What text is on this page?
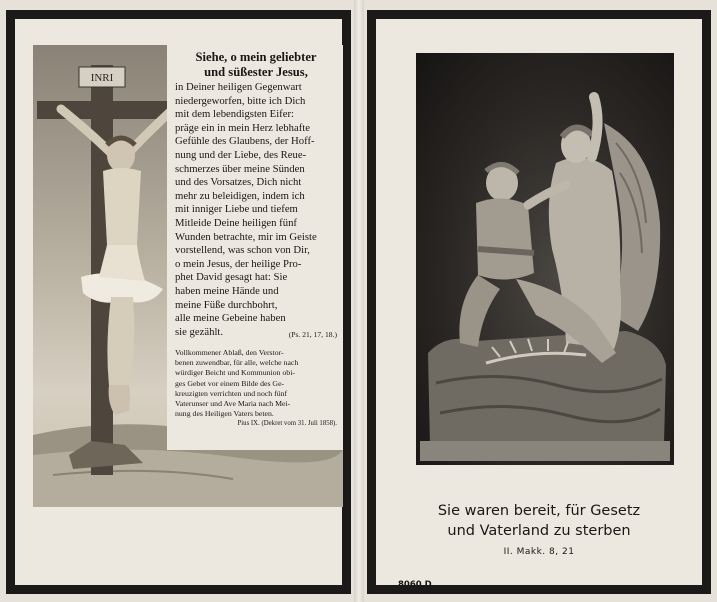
INRI
Siehe, o mein geliebter
und süßester Jesus,
in Deiner heiligen Gegenwart
niedergeworfen, bitte ich Dich
mit dem lebendigsten Eifer:
präge ein in mein Herz lebhafte
Gefühle des Glaubens, der Hoff-
nung und der Liebe, des Reue-
schmerzes über meine Sünden
und des Vorsatzes, Dich nicht
mehr zu beleidigen, indem ich
mit inniger Liebe und tiefem
Mitleide Deine heiligen fünf
Wunden betrachte, mir im Geiste
vorstellend, was schon von Dir,
o mein Jesus, der heilige Pro-
phet David gesagt hat: Sie
haben meine Hände und
meine Füße durchbohrt,
alle meine Gebeine haben
sie gezählt.	(Ps. 21, 17, 18.)
Vollkommener Ablaß, den Verstor-
benen zuwendbar, für alle, welche nach
würdiger Beicht und Kommunion obi-
ges Gebet vor einem Bilde des Ge-
kreuzigten verrichten und noch fünf
Vaterunser und Ave Maria nach Mei-
nung des Heiligen Vaters beten.
Pius IX. (Dekret vom 31. Juli 1858).
Sie waren bereit, für Gesetz
und Vaterland zu sterben
II. Makk. 8, 21
8060 D
